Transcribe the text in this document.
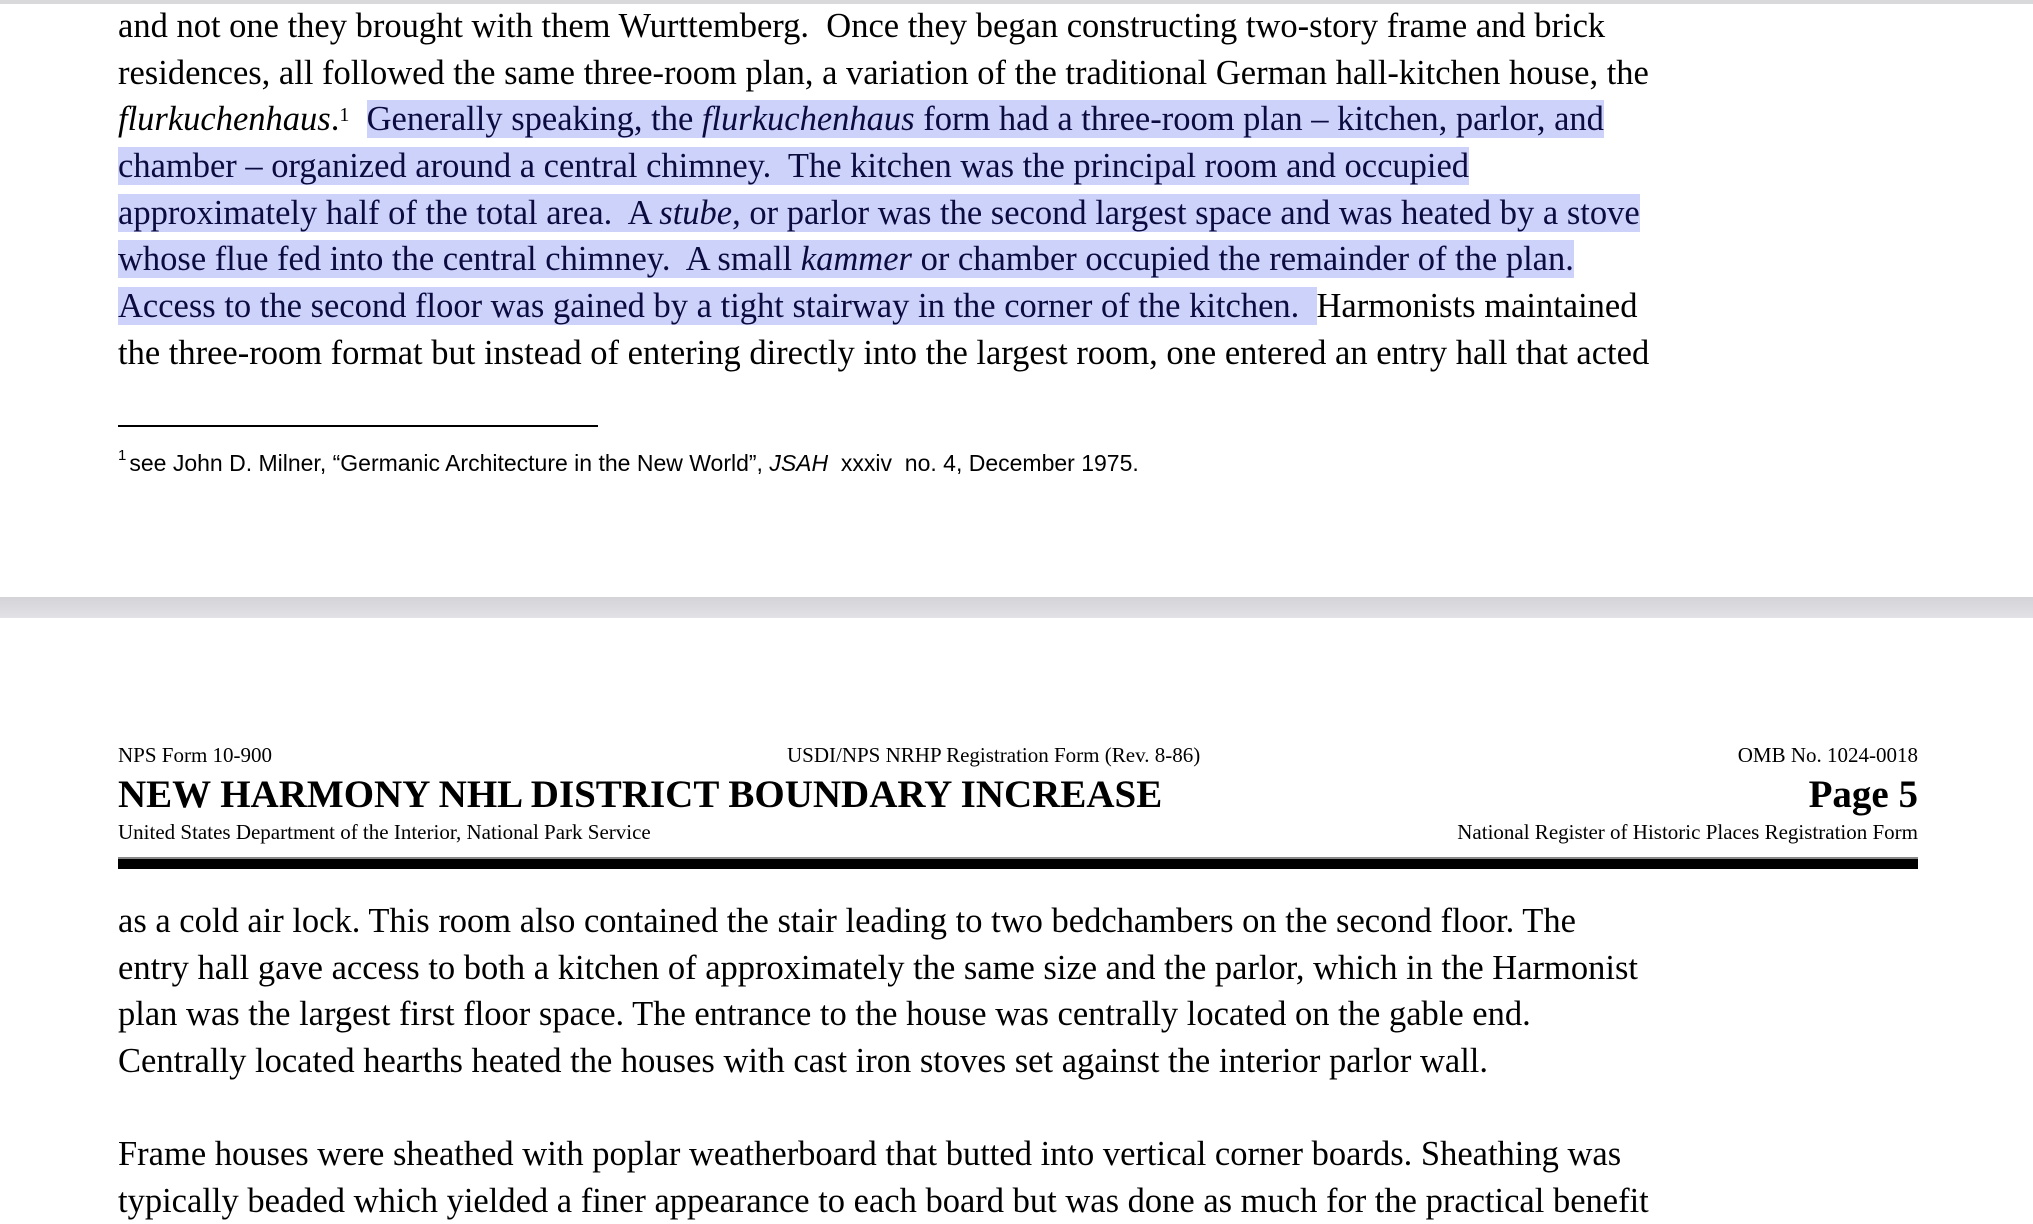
and not one they brought with them Wurttemberg.  Once they began constructing two-story frame and brick
residences, all followed the same three-room plan, a variation of the traditional German hall-kitchen house, the
flurkuchenhaus.$^1$ Generally speaking, the flurkuchenhaus form had a three-room plan – kitchen, parlor, and
chamber – organized around a central chimney.  The kitchen was the principal room and occupied
approximately half of the total area.  A stube, or parlor was the second largest space and was heated by a stove
whose flue fed into the central chimney.  A small kammer or chamber occupied the remainder of the plan.
Access to the second floor was gained by a tight stairway in the corner of the kitchen.  Harmonists maintained
the three-room format but instead of entering directly into the largest room, one entered an entry hall that acted
$^1$ see John D. Milner, “Germanic Architecture in the New World”, JSAH  xxxiv  no. 4, December 1975.
NPS Form 10-900	USDI/NPS NRHP Registration Form (Rev. 8-86)	OMB No. 1024-0018
NEW HARMONY NHL DISTRICT BOUNDARY INCREASE	Page 5
United States Department of the Interior, National Park Service	National Register of Historic Places Registration Form
as a cold air lock. This room also contained the stair leading to two bedchambers on the second floor. The
entry hall gave access to both a kitchen of approximately the same size and the parlor, which in the Harmonist
plan was the largest first floor space. The entrance to the house was centrally located on the gable end.
Centrally located hearths heated the houses with cast iron stoves set against the interior parlor wall.
Frame houses were sheathed with poplar weatherboard that butted into vertical corner boards. Sheathing was
typically beaded which yielded a finer appearance to each board but was done as much for the practical benefit
